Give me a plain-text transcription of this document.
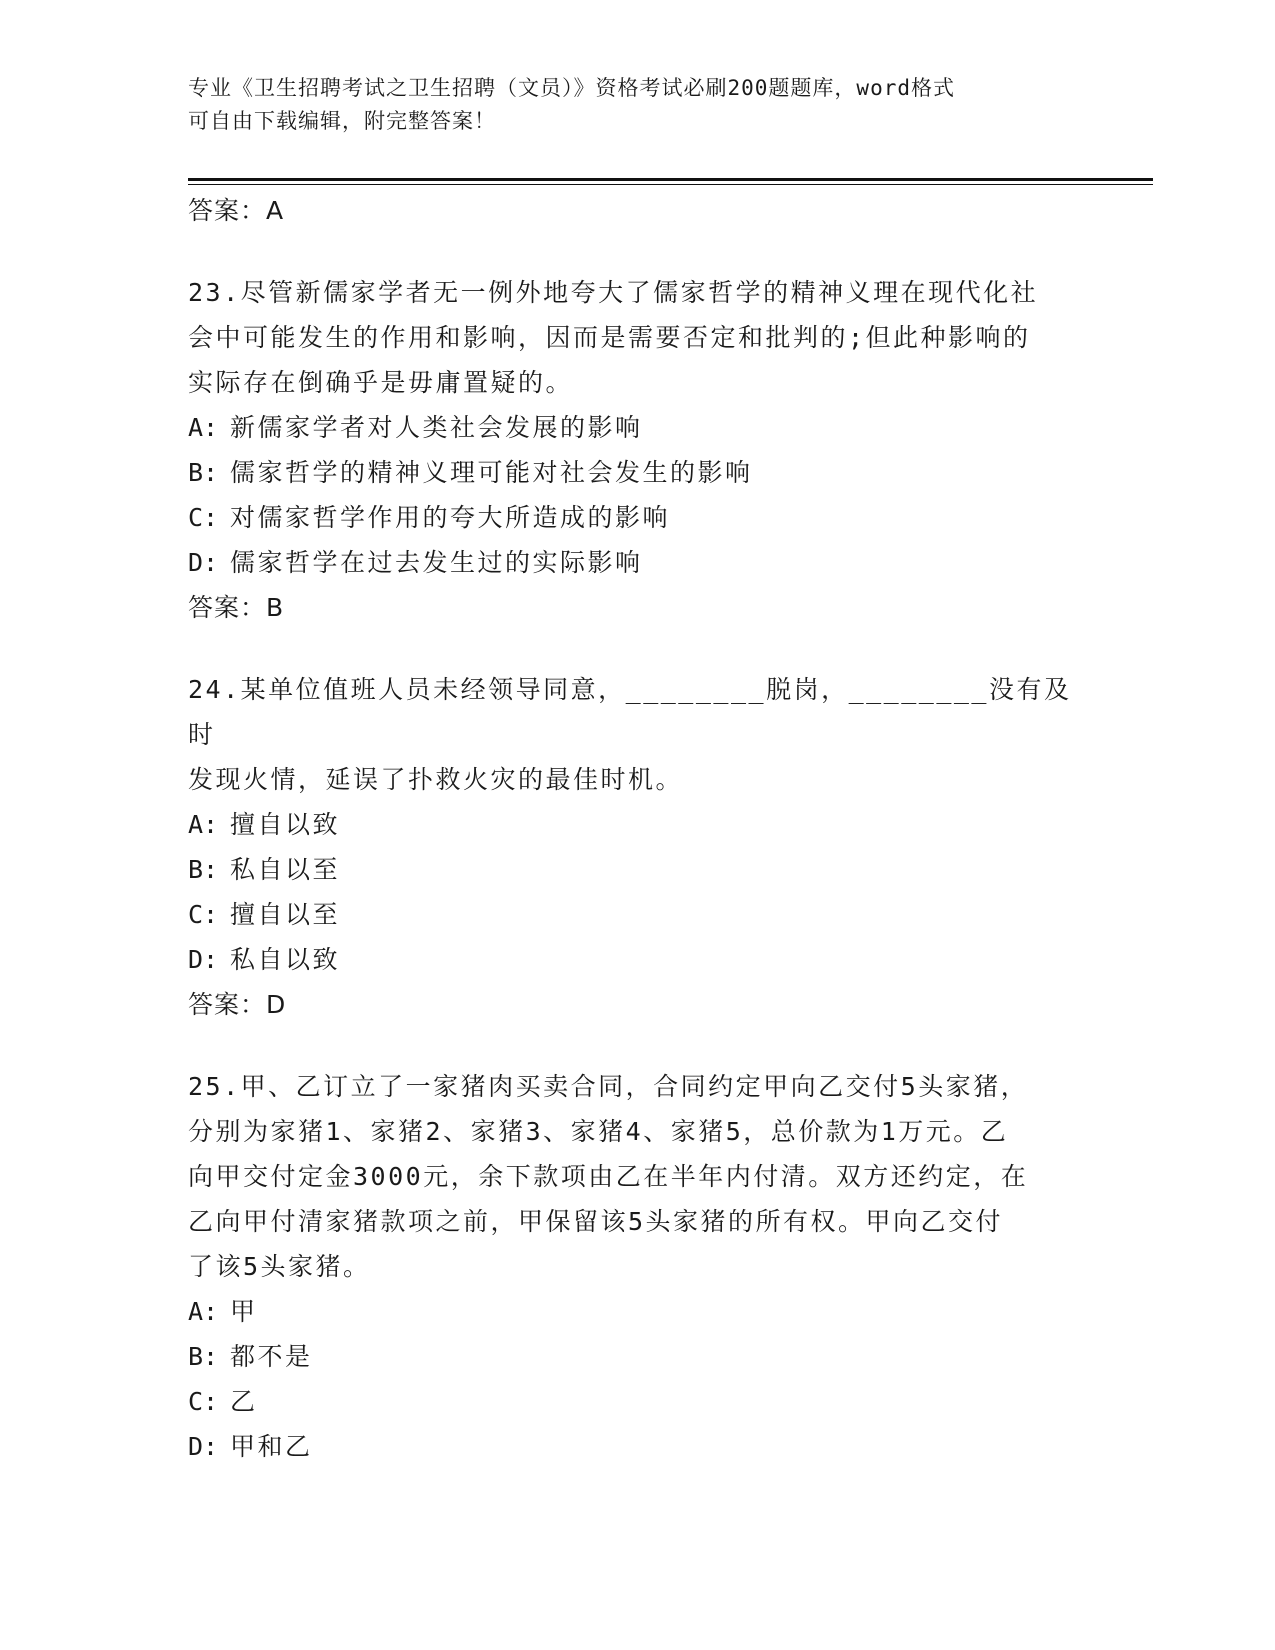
专业《卫生招聘考试之卫生招聘（文员）》资格考试必刷200题题库，word格式
可自由下载编辑，附完整答案！
答案：A
23.尽管新儒家学者无一例外地夸大了儒家哲学的精神义理在现代化社
会中可能发生的作用和影响，因而是需要否定和批判的;但此种影响的
实际存在倒确乎是毋庸置疑的。
A: 新儒家学者对人类社会发展的影响
B: 儒家哲学的精神义理可能对社会发生的影响
C: 对儒家哲学作用的夸大所造成的影响
D: 儒家哲学在过去发生过的实际影响
答案：B
24.某单位值班人员未经领导同意，________脱岗，________没有及时
发现火情，延误了扑救火灾的最佳时机。
A: 擅自以致
B: 私自以至
C: 擅自以至
D: 私自以致
答案：D
25.甲、乙订立了一家猪肉买卖合同，合同约定甲向乙交付5头家猪，
分别为家猪1、家猪2、家猪3、家猪4、家猪5，总价款为1万元。乙
向甲交付定金3000元，余下款项由乙在半年内付清。双方还约定，在
乙向甲付清家猪款项之前，甲保留该5头家猪的所有权。甲向乙交付
了该5头家猪。
A: 甲
B: 都不是
C: 乙
D: 甲和乙
